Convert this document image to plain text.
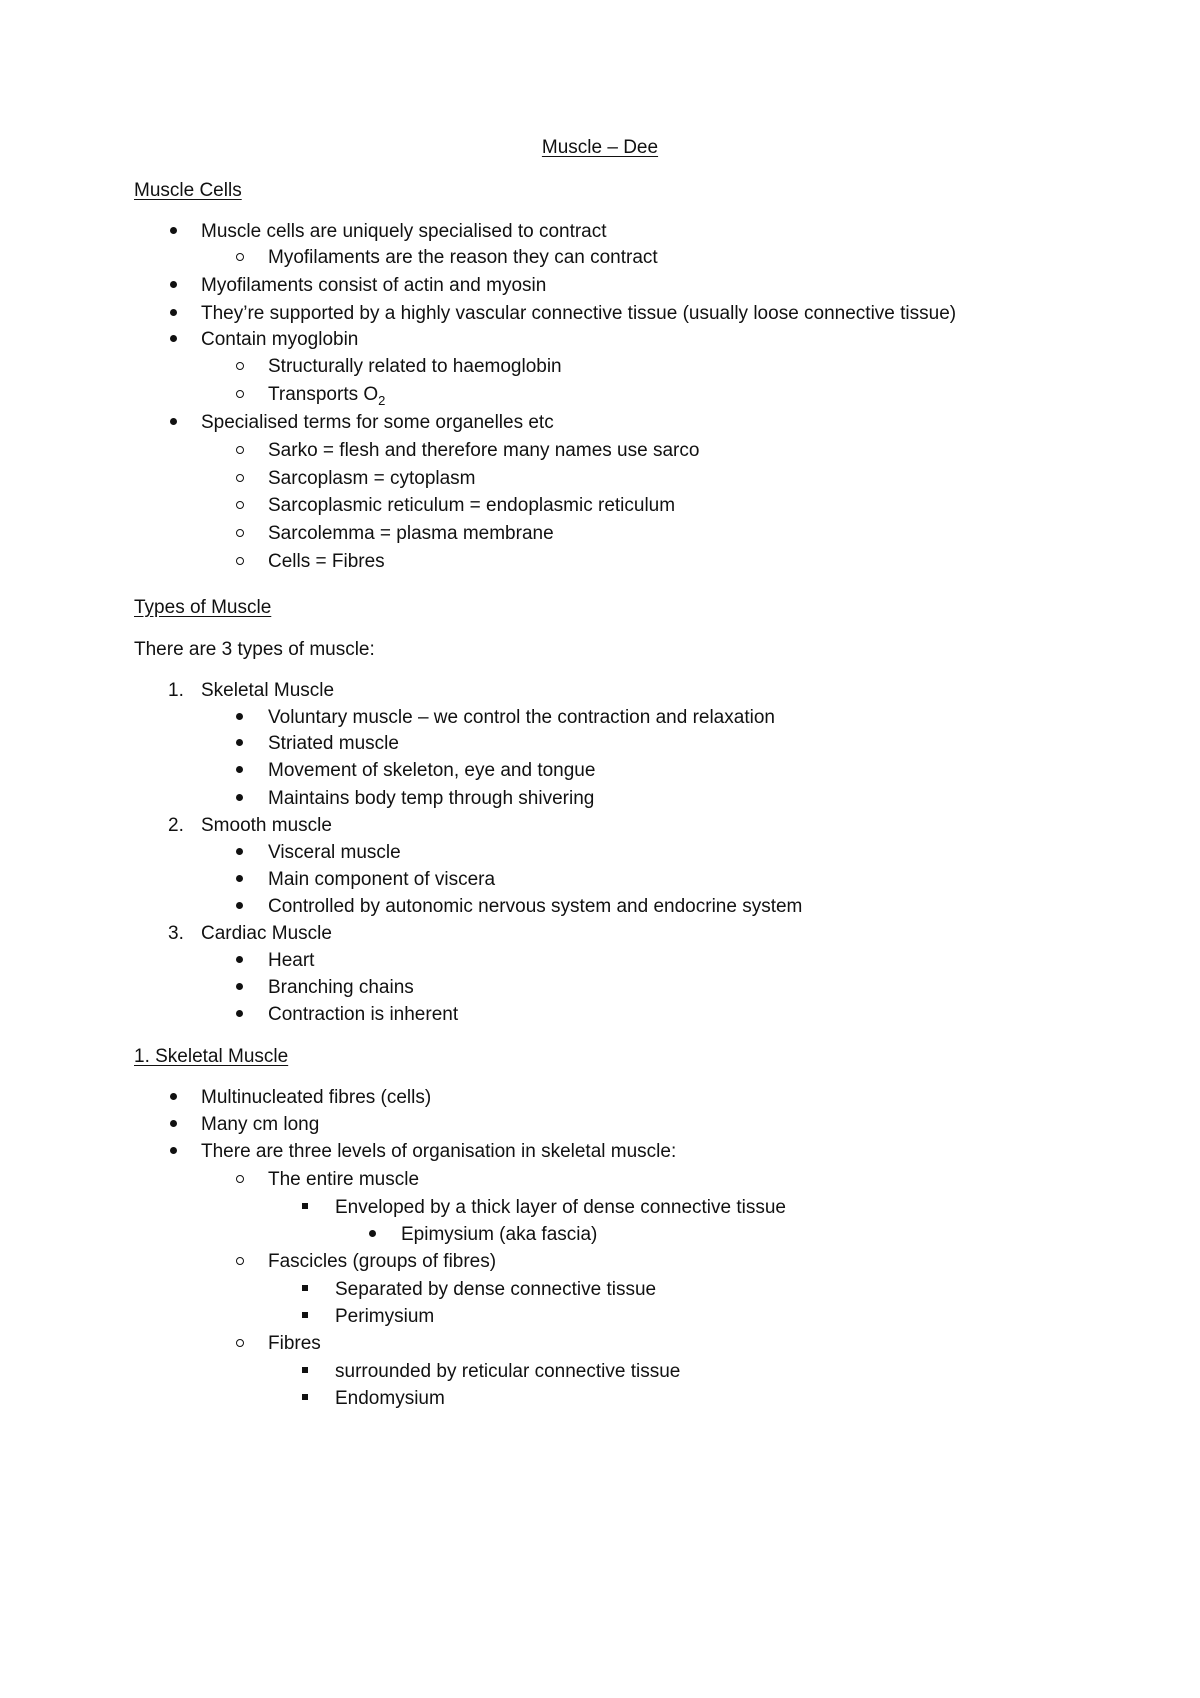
Muscle – Dee
Muscle Cells
Muscle cells are uniquely specialised to contract
Myofilaments are the reason they can contract
Myofilaments consist of actin and myosin
They’re supported by a highly vascular connective tissue (usually loose connective tissue)
Contain myoglobin
Structurally related to haemoglobin
Transports $O_2$
Specialised terms for some organelles etc
Sarko = flesh and therefore many names use sarco
Sarcoplasm = cytoplasm
Sarcoplasmic reticulum = endoplasmic reticulum
Sarcolemma = plasma membrane
Cells = Fibres
Types of Muscle
There are 3 types of muscle:
1. Skeletal Muscle
Voluntary muscle – we control the contraction and relaxation
Striated muscle
Movement of skeleton, eye and tongue
Maintains body temp through shivering
2. Smooth muscle
Visceral muscle
Main component of viscera
Controlled by autonomic nervous system and endocrine system
3. Cardiac Muscle
Heart
Branching chains
Contraction is inherent
1. Skeletal Muscle
Multinucleated fibres (cells)
Many cm long
There are three levels of organisation in skeletal muscle:
The entire muscle
Enveloped by a thick layer of dense connective tissue
Epimysium (aka fascia)
Fascicles (groups of fibres)
Separated by dense connective tissue
Perimysium
Fibres
surrounded by reticular connective tissue
Endomysium
